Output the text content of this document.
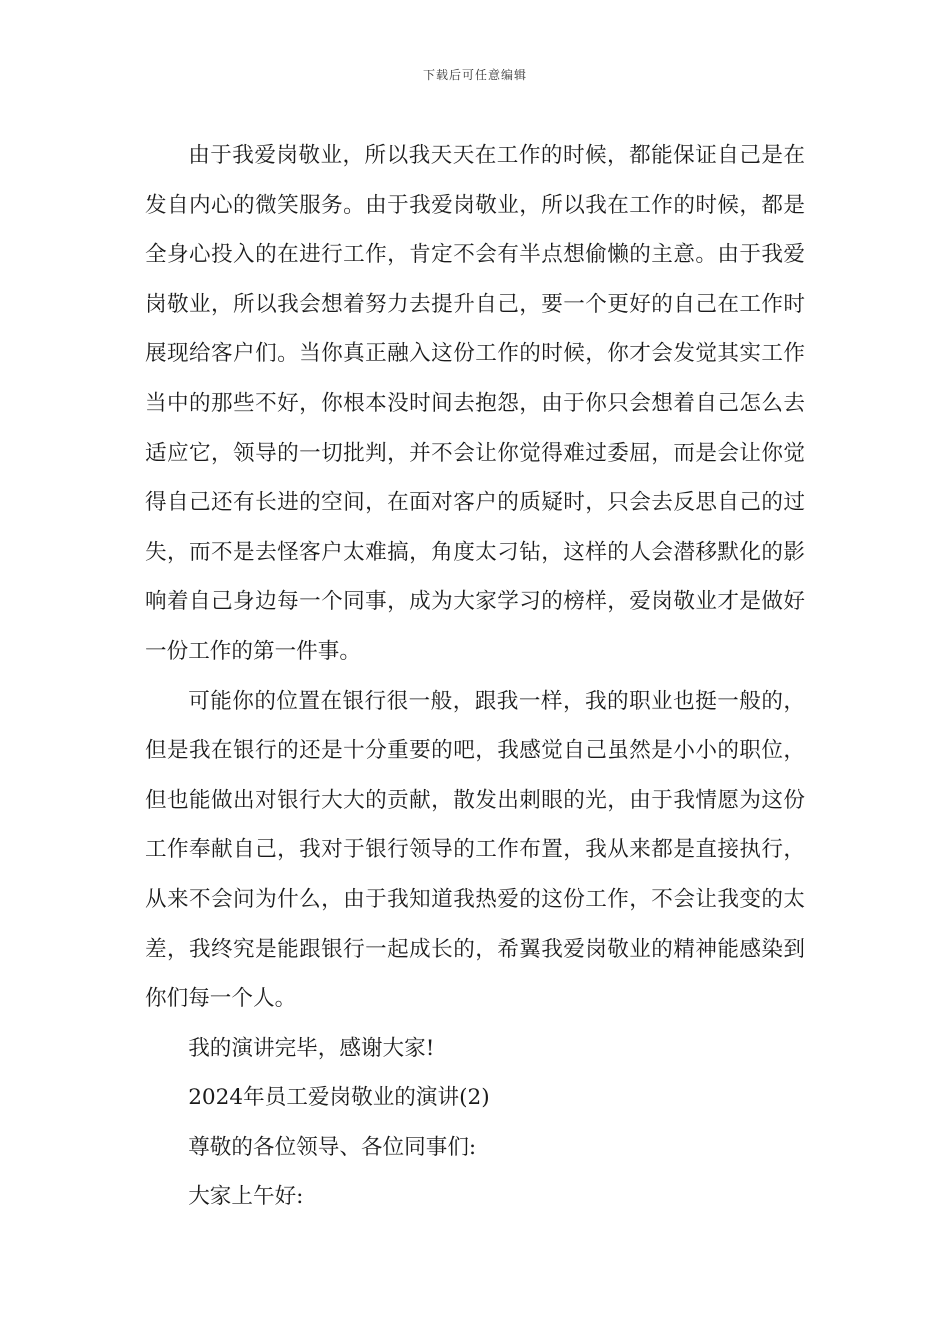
下载后可任意编辑

由于我爱岗敬业，所以我天天在工作的时候，都能保证自己是在发自内心的微笑服务。由于我爱岗敬业，所以我在工作的时候，都是全身心投入的在进行工作，肯定不会有半点想偷懒的主意。由于我爱岗敬业，所以我会想着努力去提升自己，要一个更好的自己在工作时展现给客户们。当你真正融入这份工作的时候，你才会发觉其实工作当中的那些不好，你根本没时间去抱怨，由于你只会想着自己怎么去适应它，领导的一切批判，并不会让你觉得难过委屈，而是会让你觉得自己还有长进的空间，在面对客户的质疑时，只会去反思自己的过失，而不是去怪客户太难搞，角度太刁钻，这样的人会潜移默化的影响着自己身边每一个同事，成为大家学习的榜样，爱岗敬业才是做好一份工作的第一件事。

可能你的位置在银行很一般，跟我一样，我的职业也挺一般的，但是我在银行的还是十分重要的吧，我感觉自己虽然是小小的职位，但也能做出对银行大大的贡献，散发出刺眼的光，由于我情愿为这份工作奉献自己，我对于银行领导的工作布置，我从来都是直接执行，从来不会问为什么，由于我知道我热爱的这份工作，不会让我变的太差，我终究是能跟银行一起成长的，希翼我爱岗敬业的精神能感染到你们每一个人。

我的演讲完毕，感谢大家!

2024年员工爱岗敬业的演讲(2)

尊敬的各位领导、各位同事们:

大家上午好:
